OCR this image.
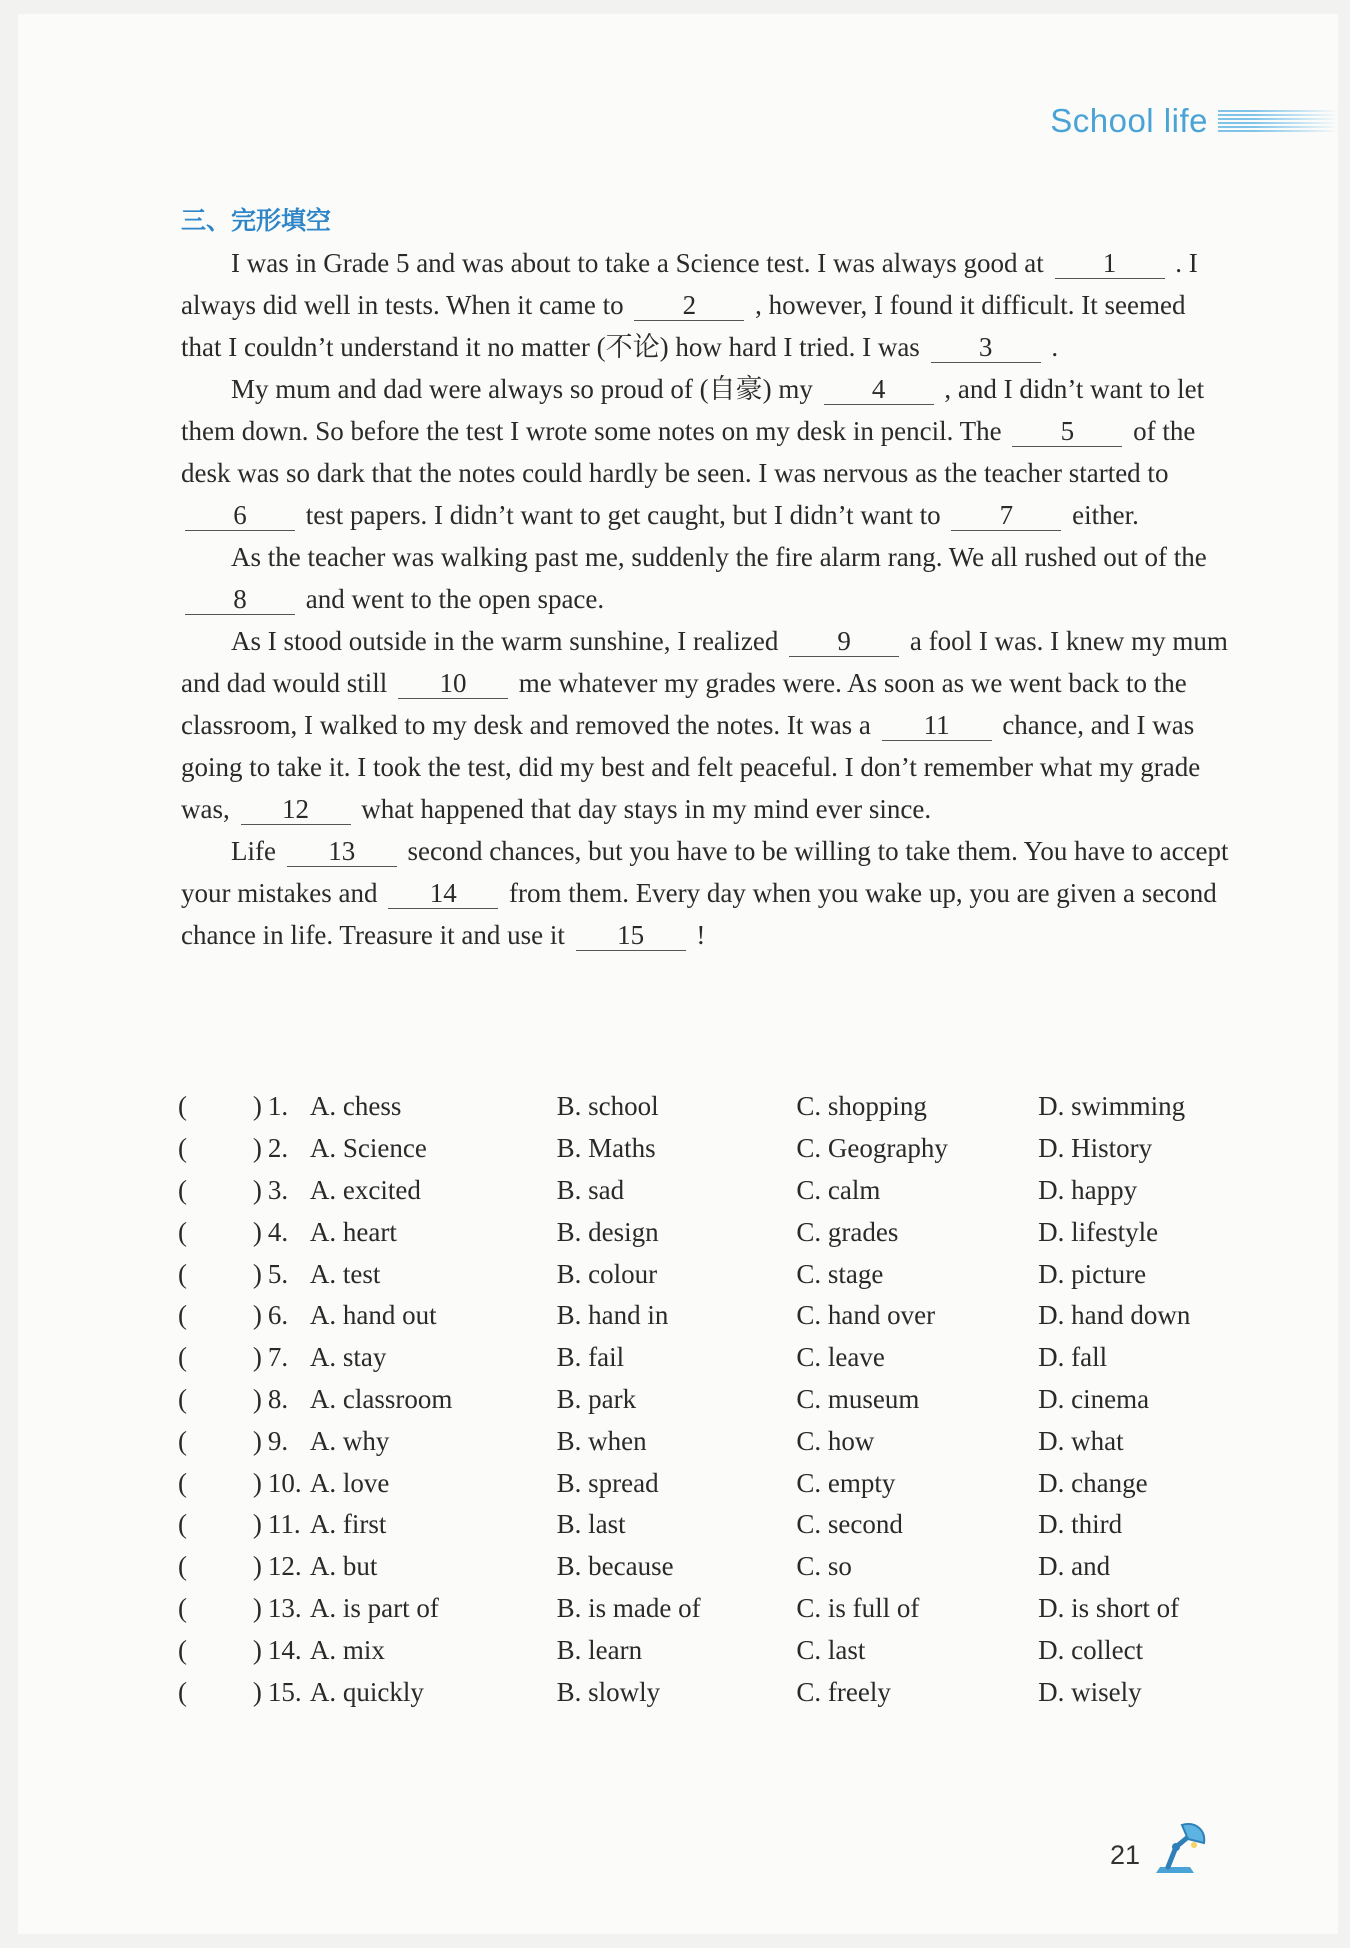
School life
三、完形填空

I was in Grade 5 and was about to take a Science test. I was always good at 1 . I always did well in tests. When it came to 2 , however, I found it difficult. It seemed that I couldn’t understand it no matter (不论) how hard I tried. I was 3 .

My mum and dad were always so proud of (自豪) my 4 , and I didn’t want to let them down. So before the test I wrote some notes on my desk in pencil. The 5 of the desk was so dark that the notes could hardly be seen. I was nervous as the teacher started to 6 test papers. I didn’t want to get caught, but I didn’t want to 7 either.

As the teacher was walking past me, suddenly the fire alarm rang. We all rushed out of the 8 and went to the open space.

As I stood outside in the warm sunshine, I realized 9 a fool I was. I knew my mum and dad would still 10 me whatever my grades were. As soon as we went back to the classroom, I walked to my desk and removed the notes. It was a 11 chance, and I was going to take it. I took the test, did my best and felt peaceful. I don’t remember what my grade was, 12 what happened that day stays in my mind ever since.

Life 13 second chances, but you have to be willing to take them. You have to accept your mistakes and 14 from them. Every day when you wake up, you are given a second chance in life. Treasure it and use it 15 !

( ) 1. A. chess	B. school	C. shopping	D. swimming
( ) 2. A. Science	B. Maths	C. Geography	D. History
( ) 3. A. excited	B. sad	C. calm	D. happy
( ) 4. A. heart	B. design	C. grades	D. lifestyle
( ) 5. A. test	B. colour	C. stage	D. picture
( ) 6. A. hand out	B. hand in	C. hand over	D. hand down
( ) 7. A. stay	B. fail	C. leave	D. fall
( ) 8. A. classroom	B. park	C. museum	D. cinema
( ) 9. A. why	B. when	C. how	D. what
( ) 10. A. love	B. spread	C. empty	D. change
( ) 11. A. first	B. last	C. second	D. third
( ) 12. A. but	B. because	C. so	D. and
( ) 13. A. is part of	B. is made of	C. is full of	D. is short of
( ) 14. A. mix	B. learn	C. last	D. collect
( ) 15. A. quickly	B. slowly	C. freely	D. wisely
21
